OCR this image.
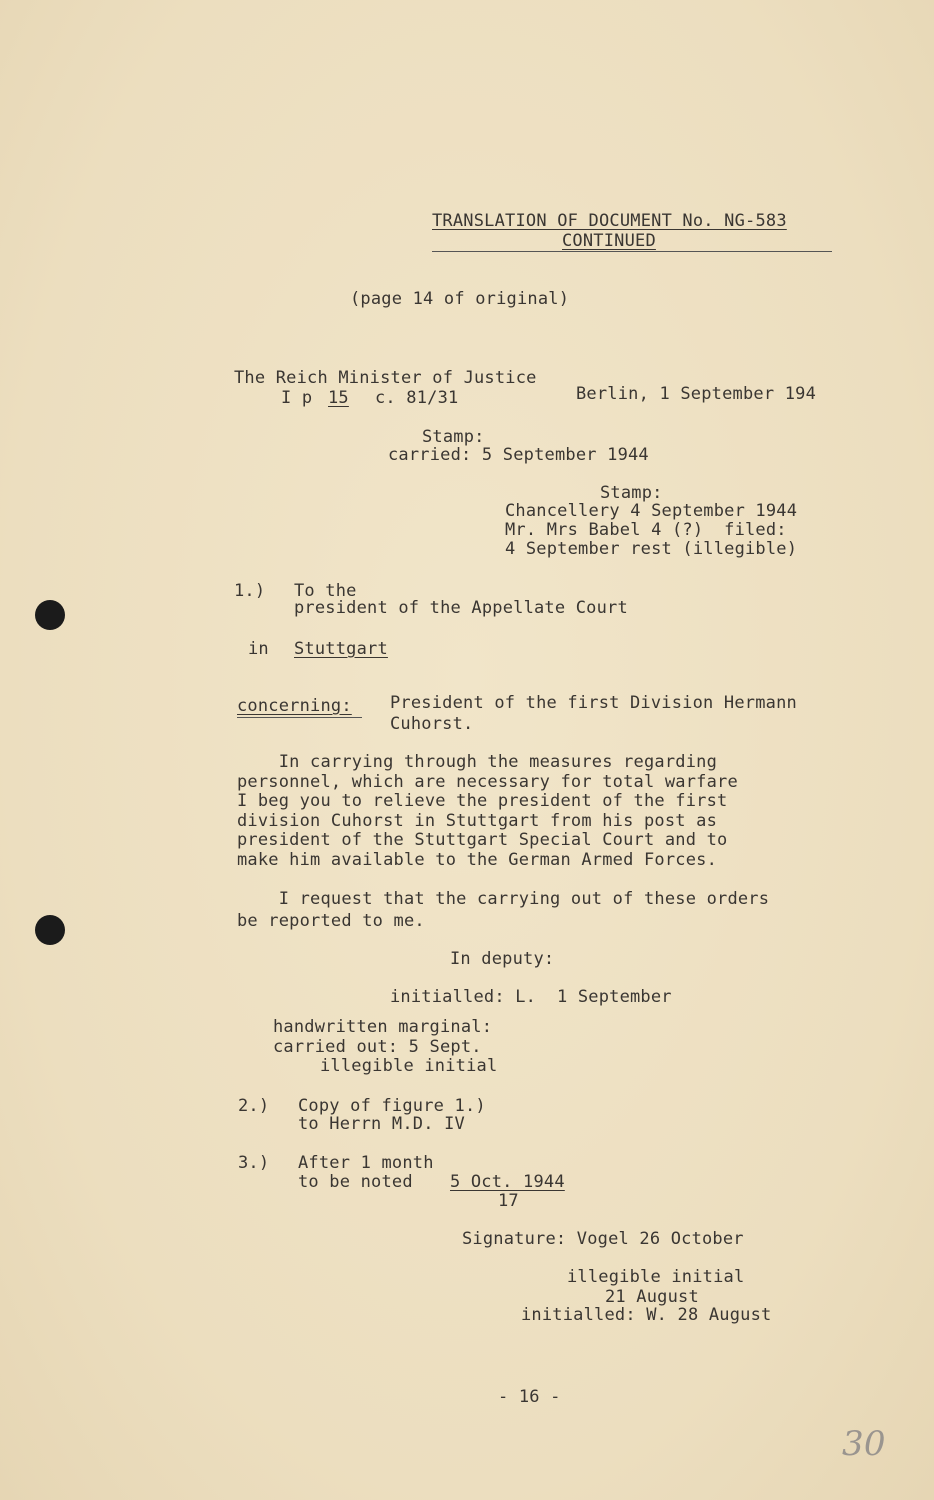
TRANSLATION OF DOCUMENT No. NG-583
CONTINUED
(page 14 of original)
The Reich Minister of Justice
I p 15 c. 81/31	Berlin, 1 September 194
Stamp:
carried: 5 September 1944
Stamp:
Chancellery 4 September 1944
Mr. Mrs Babel 4 (?)  filed:
4 September rest (illegible)
1.) To the
president of the Appellate Court
in Stuttgart
concerning: President of the first Division Hermann
Cuhorst.
In carrying through the measures regarding
personnel, which are necessary for total warfare
I beg you to relieve the president of the first
division Cuhorst in Stuttgart from his post as
president of the Stuttgart Special Court and to
make him available to the German Armed Forces.
I request that the carrying out of these orders
be reported to me.
In deputy:
initialled: L.  1 September
handwritten marginal:
carried out: 5 Sept.
illegible initial
2.) Copy of figure 1.)
to Herrn M.D. IV
3.) After 1 month
to be noted 5 Oct. 1944
17
Signature: Vogel 26 October
illegible initial
21 August
initialled: W. 28 August
- 16 -
30
